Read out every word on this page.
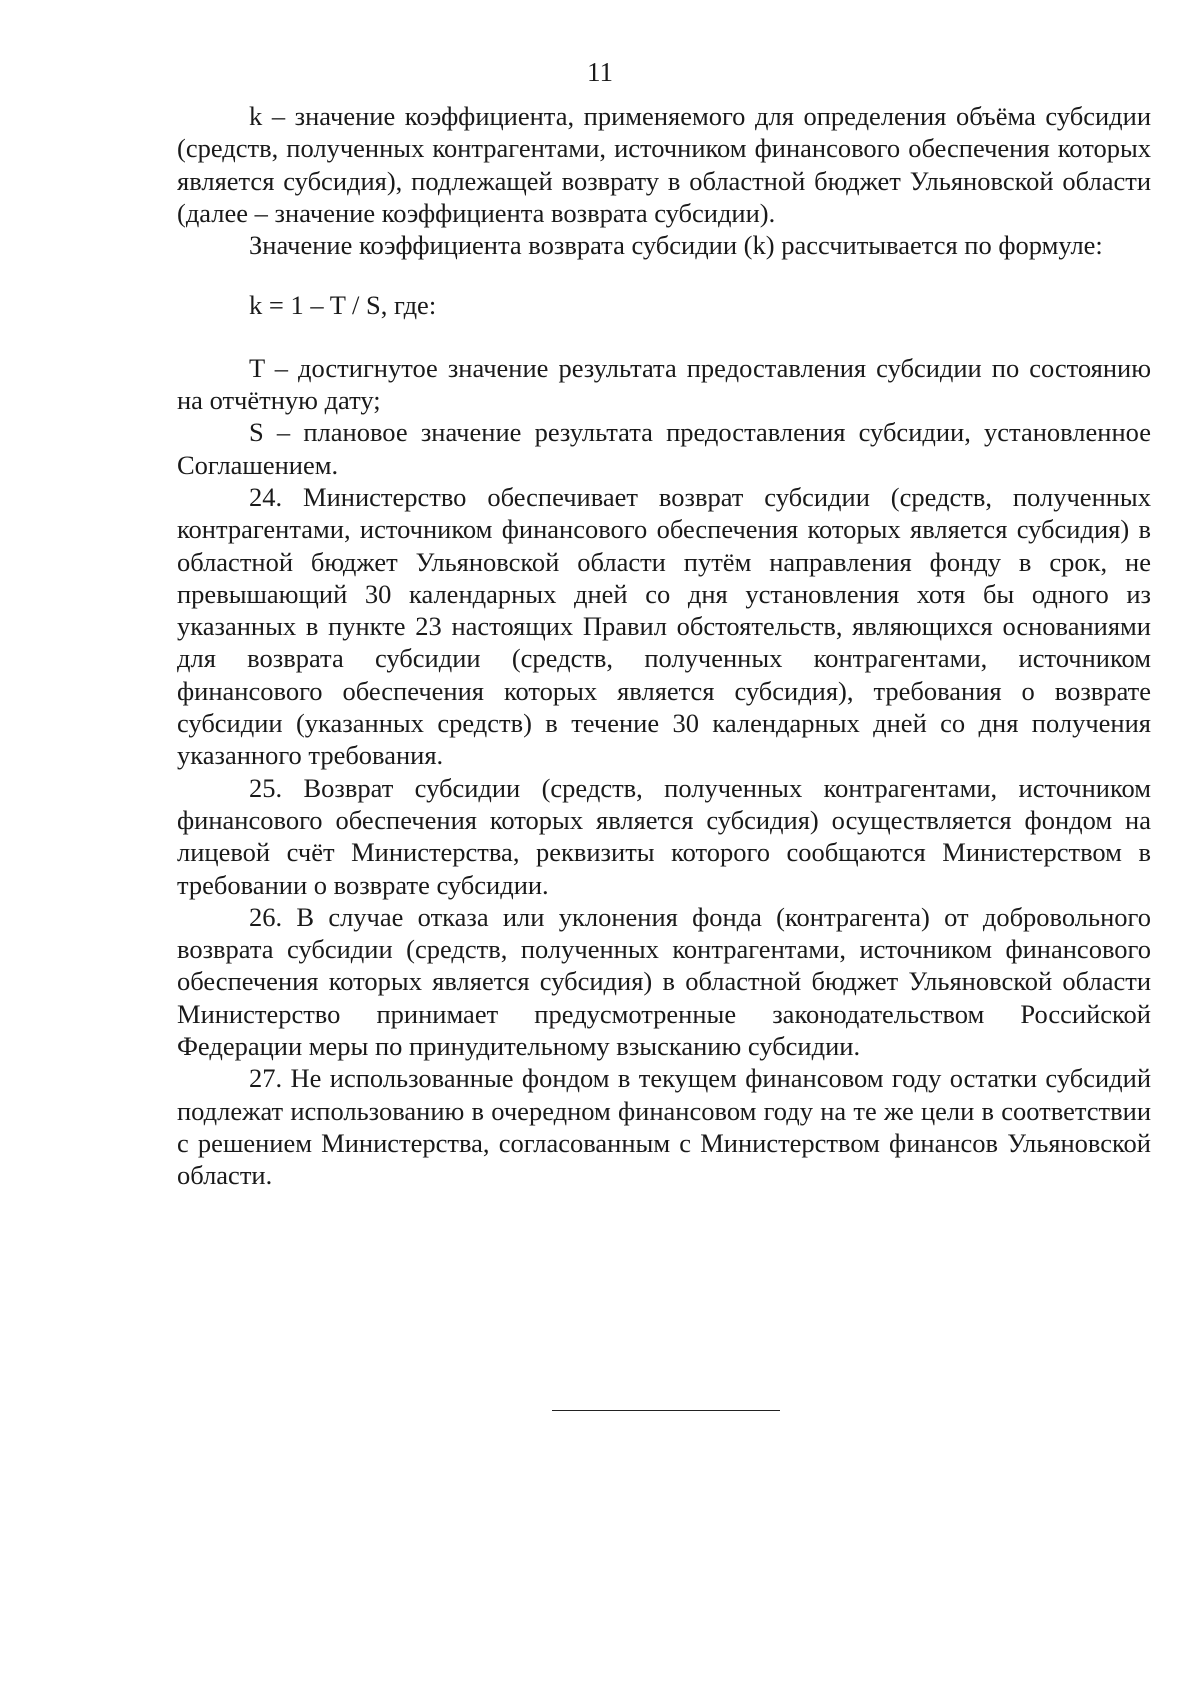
11

k – значение коэффициента, применяемого для определения объёма субсидии (средств, полученных контрагентами, источником финансового обеспечения которых является субсидия), подлежащей возврату в областной бюджет Ульяновской области (далее – значение коэффициента возврата субсидии).

Значение коэффициента возврата субсидии (k) рассчитывается по формуле:

k = 1 – T / S, где:

T – достигнутое значение результата предоставления субсидии по состоянию на отчётную дату;

S – плановое значение результата предоставления субсидии, установленное Соглашением.

24. Министерство обеспечивает возврат субсидии (средств, полученных контрагентами, источником финансового обеспечения которых является субсидия) в областной бюджет Ульяновской области путём направления фонду в срок, не превышающий 30 календарных дней со дня установления хотя бы одного из указанных в пункте 23 настоящих Правил обстоятельств, являющихся основаниями для возврата субсидии (средств, полученных контрагентами, источником финансового обеспечения которых является субсидия), требования о возврате субсидии (указанных средств) в течение 30 календарных дней со дня получения указанного требования.

25. Возврат субсидии (средств, полученных контрагентами, источником финансового обеспечения которых является субсидия) осуществляется фондом на лицевой счёт Министерства, реквизиты которого сообщаются Министерством в требовании о возврате субсидии.

26. В случае отказа или уклонения фонда (контрагента) от добровольного возврата субсидии (средств, полученных контрагентами, источником финансового обеспечения которых является субсидия) в областной бюджет Ульяновской области Министерство принимает предусмотренные законодательством Российской Федерации меры по принудительному взысканию субсидии.

27. Не использованные фондом в текущем финансовом году остатки субсидий подлежат использованию в очередном финансовом году на те же цели в соответствии с решением Министерства, согласованным с Министерством финансов Ульяновской области.
